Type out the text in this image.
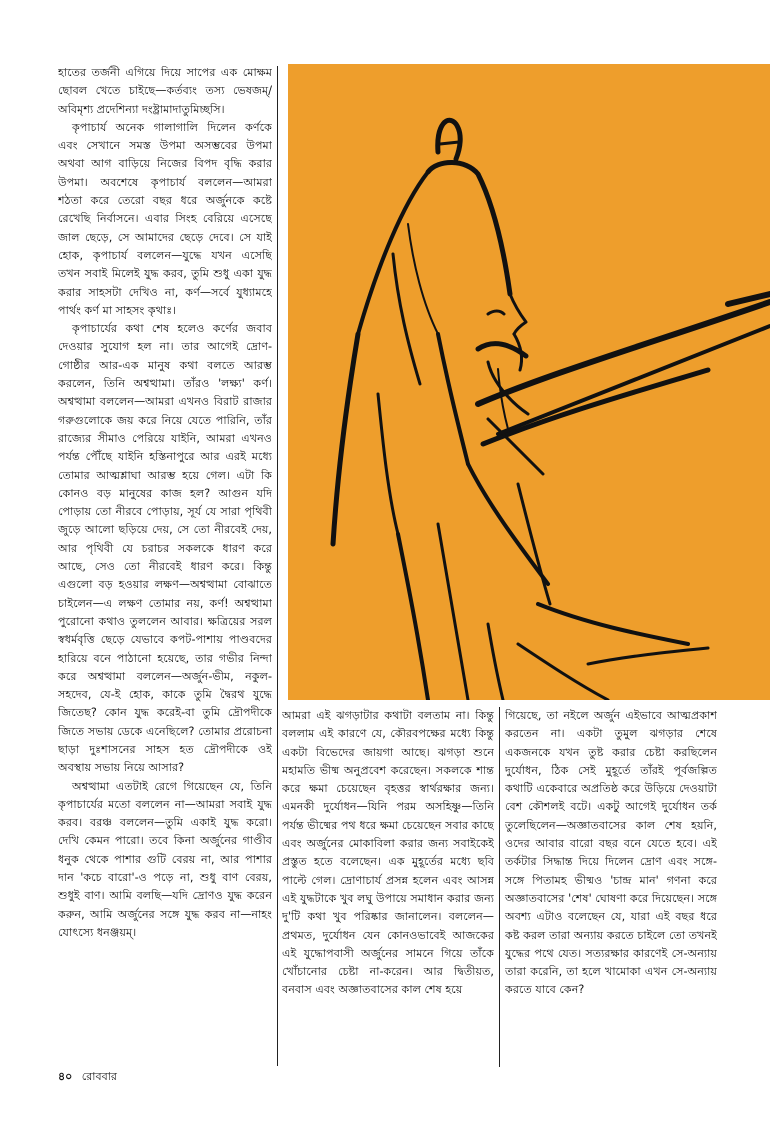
হাতের তর্জনী এগিয়ে দিয়ে সাপের এক মোক্ষম ছোবল খেতে চাইছে—কর্তব্যং তস্য ভেষজম্/অবিমৃশ্য প্রদেশিন্যা দংষ্ট্রামাদাতুমিচ্ছসি।

কৃপাচার্য অনেক গালাগালি দিলেন কর্ণকে এবং সেখানে সমস্ত উপমা অসম্ভবের উপমা অথবা আগ বাড়িয়ে নিজের বিপদ বৃদ্ধি করার উপমা। অবশেষে কৃপাচার্য বললেন—আমরা শঠতা করে তেরো বছর ধরে অর্জুনকে কষ্টে রেখেছি নির্বাসনে। এবার সিংহ বেরিয়ে এসেছে জাল ছেড়ে, সে আমাদের ছেড়ে দেবে। সে যাই হোক, কৃপাচার্য বললেন—যুদ্ধে যখন এসেছি তখন সবাই মিলেই যুদ্ধ করব, তুমি শুধু একা যুদ্ধ করার সাহসটা দেখিও না, কর্ণ—সর্বে যুধ্যামহে পার্থং কর্ণ মা সাহসং কৃথাঃ।

কৃপাচার্যের কথা শেষ হলেও কর্ণের জবাব দেওয়ার সুযোগ হল না। তার আগেই দ্রোণ-গোষ্ঠীর আর-এক মানুষ কথা বলতে আরম্ভ করলেন, তিনি অশ্বত্থামা। তাঁরও 'লক্ষ্য' কর্ণ। অশ্বত্থামা বললেন—আমরা এখনও বিরাট রাজার গরুগুলোকে জয় করে নিয়ে যেতে পারিনি, তাঁর রাজ্যের সীমাও পেরিয়ে যাইনি, আমরা এখনও পর্যন্ত পৌঁছে যাইনি হস্তিনাপুরে আর এরই মধ্যে তোমার আত্মশ্লাঘা আরম্ভ হয়ে গেল। এটা কি কোনও বড় মানুষের কাজ হল? আগুন যদি পোড়ায় তো নীরবে পোড়ায়, সূর্য যে সারা পৃথিবী জুড়ে আলো ছড়িয়ে দেয়, সে তো নীরবেই দেয়, আর পৃথিবী যে চরাচর সকলকে ধারণ করে আছে, সেও তো নীরবেই ধারণ করে। কিন্তু এগুলো বড় হওয়ার লক্ষণ—অশ্বত্থামা বোঝাতে চাইলেন—এ লক্ষণ তোমার নয়, কর্ণ! অশ্বত্থামা পুরোনো কথাও তুললেন আবার। ক্ষত্রিয়ের সরল স্বধর্মবৃত্তি ছেড়ে যেভাবে কপট-পাশায় পাণ্ডবদের হারিয়ে বনে পাঠানো হয়েছে, তার গভীর নিন্দা করে অশ্বত্থামা বললেন—অর্জুন-ভীম, নকুল-সহদেব, যে-ই হোক, কাকে তুমি দ্বৈরথ যুদ্ধে জিতেছ? কোন যুদ্ধ করেই-বা তুমি দ্রৌপদীকে জিতে সভায় ডেকে এনেছিলে? তোমার প্ররোচনা ছাড়া দুঃশাসনের সাহস হত দ্রৌপদীকে ওই অবস্থায় সভায় নিয়ে আসার?

অশ্বত্থামা এতটাই রেগে গিয়েছেন যে, তিনি কৃপাচার্যের মতো বললেন না—আমরা সবাই যুদ্ধ করব। বরঞ্চ বললেন—তুমি একাই যুদ্ধ করো। দেখি কেমন পারো। তবে কিনা অর্জুনের গাণ্ডীব ধনুক থেকে পাশার গুটি বেরয় না, আর পাশার দান 'কচে বারো'-ও পড়ে না, শুধু বাণ বেরয়, শুধুই বাণ। আমি বলছি—যদি দ্রোণও যুদ্ধ করেন করুন, আমি অর্জুনের সঙ্গে যুদ্ধ করব না—নাহং যোৎস্যে ধনঞ্জয়ম্।

আমরা এই ঝগড়াটার কথাটা বলতাম না। কিন্তু বললাম এই কারণে যে, কৌরবপক্ষের মধ্যে কিন্তু একটা বিভেদের জায়গা আছে। ঝগড়া শুনে মহামতি ভীষ্ম অনুপ্রবেশ করেছেন। সকলকে শান্ত করে ক্ষমা চেয়েছেন বৃহত্তর স্বার্থরক্ষার জন্য। এমনকী দুর্যোধন—যিনি পরম অসহিষ্ণু—তিনি পর্যন্ত ভীষ্মের পথ ধরে ক্ষমা চেয়েছেন সবার কাছে এবং অর্জুনের মোকাবিলা করার জন্য সবাইকেই প্রস্তুত হতে বলেছেন। এক মুহূর্তের মধ্যে ছবি পাল্টে গেল। দ্রোণাচার্য প্রসন্ন হলেন এবং আসন্ন এই যুদ্ধটাকে খুব লঘু উপায়ে সমাধান করার জন্য দু'টি কথা খুব পরিষ্কার জানালেন। বললেন—প্রথমত, দুর্যোধন যেন কোনওভাবেই আজকের এই যুদ্ধোপবাসী অর্জুনের সামনে গিয়ে তাঁকে খোঁচানোর চেষ্টা না-করেন। আর দ্বিতীয়ত, বনবাস এবং অজ্ঞাতবাসের কাল শেষ হয়ে

গিয়েছে, তা নইলে অর্জুন এইভাবে আত্মপ্রকাশ করতেন না। একটা তুমুল ঝগড়ার শেষে একজনকে যখন তুষ্ট করার চেষ্টা করছিলেন দুর্যোধন, ঠিক সেই মুহূর্তে তাঁরই পূর্বজল্পিত কথাটি একেবারে অপ্রতিষ্ঠ করে উড়িয়ে দেওয়াটা বেশ কৌশলই বটে। একটু আগেই দুর্যোধন তর্ক তুলেছিলেন—অজ্ঞাতবাসের কাল শেষ হয়নি, ওদের আবার বারো বছর বনে যেতে হবে। এই তর্কটার সিদ্ধান্ত দিয়ে দিলেন দ্রোণ এবং সঙ্গে-সঙ্গে পিতামহ ভীষ্মও 'চান্দ্র মান' গণনা করে অজ্ঞাতবাসের 'শেষ' ঘোষণা করে দিয়েছেন। সঙ্গে অবশ্য এটাও বলেছেন যে, যারা এই বছর ধরে কষ্ট করল তারা অন্যায় করতে চাইলে তো তখনই যুদ্ধের পথে যেত। সত্যরক্ষার কারণেই সে-অন্যায় তারা করেনি, তা হলে খামোকা এখন সে-অন্যায় করতে যাবে কেন?

৪০ রোববার
